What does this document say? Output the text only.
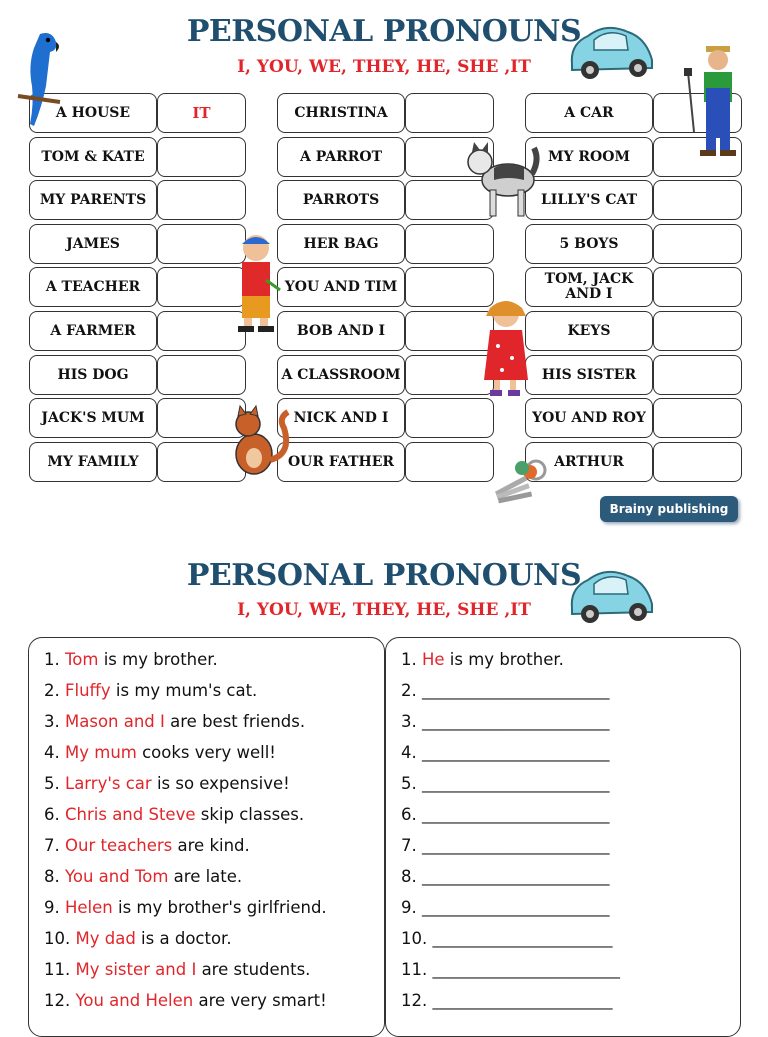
PERSONAL PRONOUNS
I, YOU, WE, THEY, HE, SHE ,IT
A HOUSE	IT
TOM & KATE
MY PARENTS
JAMES
A TEACHER
A FARMER
HIS DOG
JACK'S MUM
MY FAMILY
CHRISTINA
A PARROT
PARROTS
HER BAG
YOU AND TIM
BOB AND I
A CLASSROOM
NICK AND I
OUR FATHER
A CAR
MY ROOM
LILLY'S CAT
5 BOYS
TOM, JACK AND I
KEYS
HIS SISTER
YOU AND ROY
ARTHUR
Brainy publishing
PERSONAL PRONOUNS
I, YOU, WE, THEY, HE, SHE ,IT
1. Tom is my brother.
2. Fluffy is my mum's cat.
3. Mason and I are best friends.
4. My mum cooks very well!
5. Larry's car is so expensive!
6. Chris and Steve skip classes.
7. Our teachers are kind.
8. You and Tom are late.
9. Helen is my brother's girlfriend.
10. My dad is a doctor.
11. My sister and I are students.
12. You and Helen are very smart!
1. He is my brother.
2. _________________________
3. _________________________
4. _________________________
5. _________________________
6. _________________________
7. _________________________
8. _________________________
9. _________________________
10. ________________________
11. _________________________
12. ________________________
